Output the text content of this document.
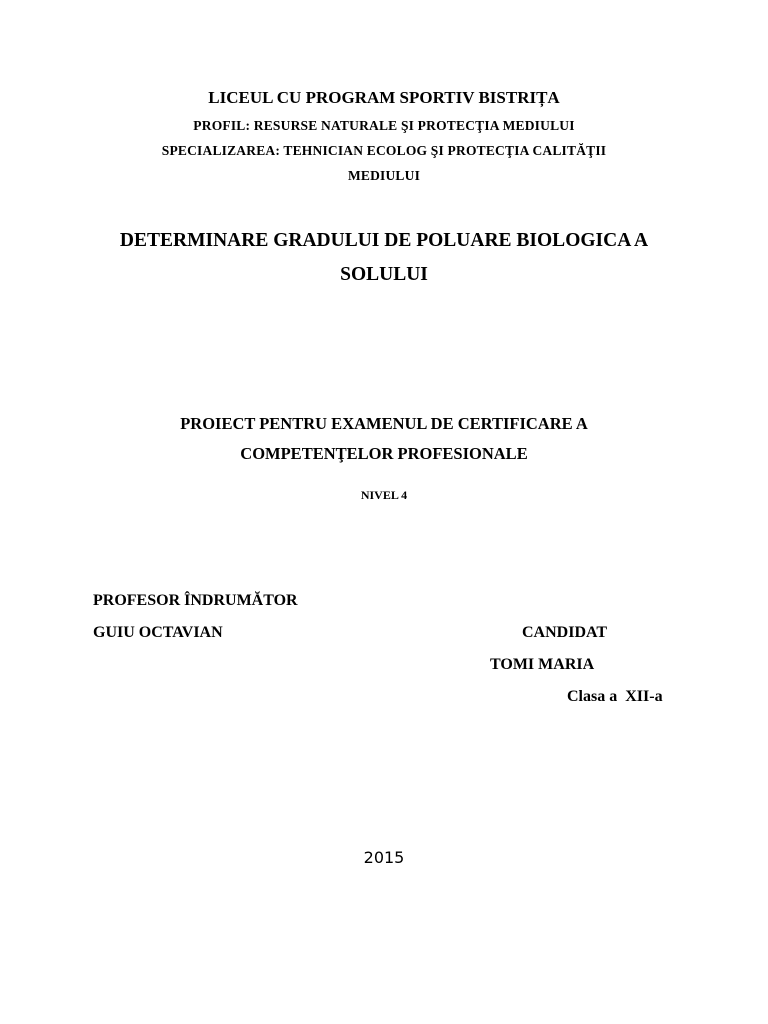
LICEUL CU PROGRAM SPORTIV BISTRIȚA
PROFIL: RESURSE NATURALE ŞI PROTECŢIA MEDIULUI
SPECIALIZAREA: TEHNICIAN ECOLOG ŞI PROTECŢIA CALITĂŢII
MEDIULUI
DETERMINARE GRADULUI DE POLUARE BIOLOGICA A
SOLULUI
PROIECT PENTRU EXAMENUL DE CERTIFICARE A
COMPETENŢELOR PROFESIONALE
NIVEL 4
PROFESOR ÎNDRUMĂTOR
GUIU OCTAVIAN	CANDIDAT
TOMI MARIA
Clasa a  XII-a
2015
